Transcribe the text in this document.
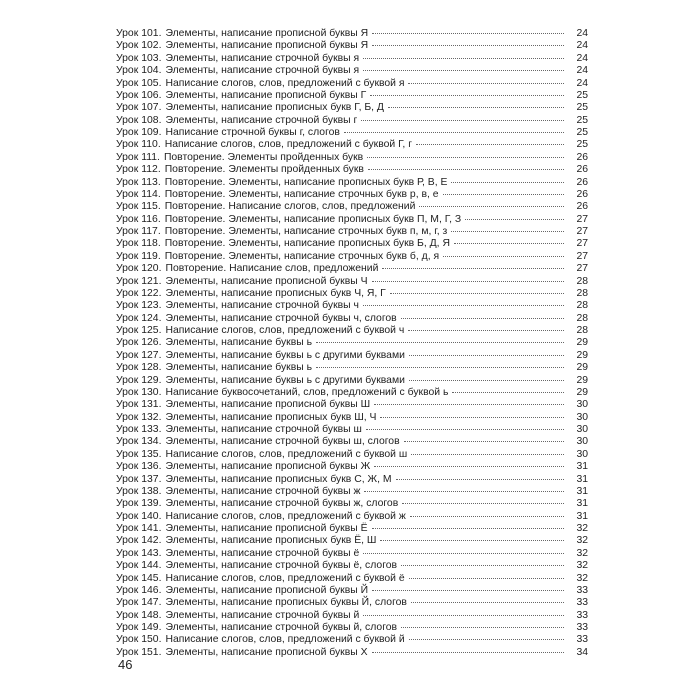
Урок 101. Элементы, написание прописной буквы Я	24
Урок 102. Элементы, написание прописной буквы Я	24
Урок 103. Элементы, написание строчной буквы я	24
Урок 104. Элементы, написание строчной буквы я	24
Урок 105. Написание слогов, слов, предложений с буквой я	24
Урок 106. Элементы, написание прописной буквы Г	25
Урок 107. Элементы, написание прописных букв Г, Б, Д	25
Урок 108. Элементы, написание строчной буквы г	25
Урок 109. Написание строчной буквы г, слогов	25
Урок 110. Написание слогов, слов, предложений с буквой Г, г	25
Урок 111. Повторение. Элементы пройденных букв	26
Урок 112. Повторение. Элементы пройденных букв	26
Урок 113. Повторение. Элементы, написание прописных букв Р, В, Е	26
Урок 114. Повторение. Элементы, написание строчных букв р, в, е	26
Урок 115. Повторение. Написание слогов, слов, предложений	26
Урок 116. Повторение. Элементы, написание прописных букв П, М, Г, З	27
Урок 117. Повторение. Элементы, написание строчных букв п, м, г, з	27
Урок 118. Повторение. Элементы, написание прописных букв Б, Д, Я	27
Урок 119. Повторение. Элементы, написание строчных букв б, д, я	27
Урок 120. Повторение. Написание слов, предложений	27
Урок 121. Элементы, написание прописной буквы Ч	28
Урок 122. Элементы, написание прописных букв Ч, Я, Г	28
Урок 123. Элементы, написание строчной буквы ч	28
Урок 124. Элементы, написание строчной буквы ч, слогов	28
Урок 125. Написание слогов, слов, предложений с буквой ч	28
Урок 126. Элементы, написание буквы ь	29
Урок 127. Элементы, написание буквы ь с другими буквами	29
Урок 128. Элементы, написание буквы ь	29
Урок 129. Элементы, написание буквы ь с другими буквами	29
Урок 130. Написание буквосочетаний, слов, предложений с буквой ь	29
Урок 131. Элементы, написание прописной буквы Ш	30
Урок 132. Элементы, написание прописных букв Ш, Ч	30
Урок 133. Элементы, написание строчной буквы ш	30
Урок 134. Элементы, написание строчной буквы ш, слогов	30
Урок 135. Написание слогов, слов, предложений с буквой ш	30
Урок 136. Элементы, написание прописной буквы Ж	31
Урок 137. Элементы, написание прописных букв С, Ж, М	31
Урок 138. Элементы, написание строчной буквы ж	31
Урок 139. Элементы, написание строчной буквы ж, слогов	31
Урок 140. Написание слогов, слов, предложений с буквой ж	31
Урок 141. Элементы, написание прописной буквы Ё	32
Урок 142. Элементы, написание прописных букв Ё, Ш	32
Урок 143. Элементы, написание строчной буквы ё	32
Урок 144. Элементы, написание строчной буквы ё, слогов	32
Урок 145. Написание слогов, слов, предложений с буквой ё	32
Урок 146. Элементы, написание прописной буквы Й	33
Урок 147. Элементы, написание прописных буквы Й, слогов	33
Урок 148. Элементы, написание строчной буквы й	33
Урок 149. Элементы, написание строчной буквы й, слогов	33
Урок 150. Написание слогов, слов, предложений с буквой й	33
Урок 151. Элементы, написание прописной буквы Х	34
46
